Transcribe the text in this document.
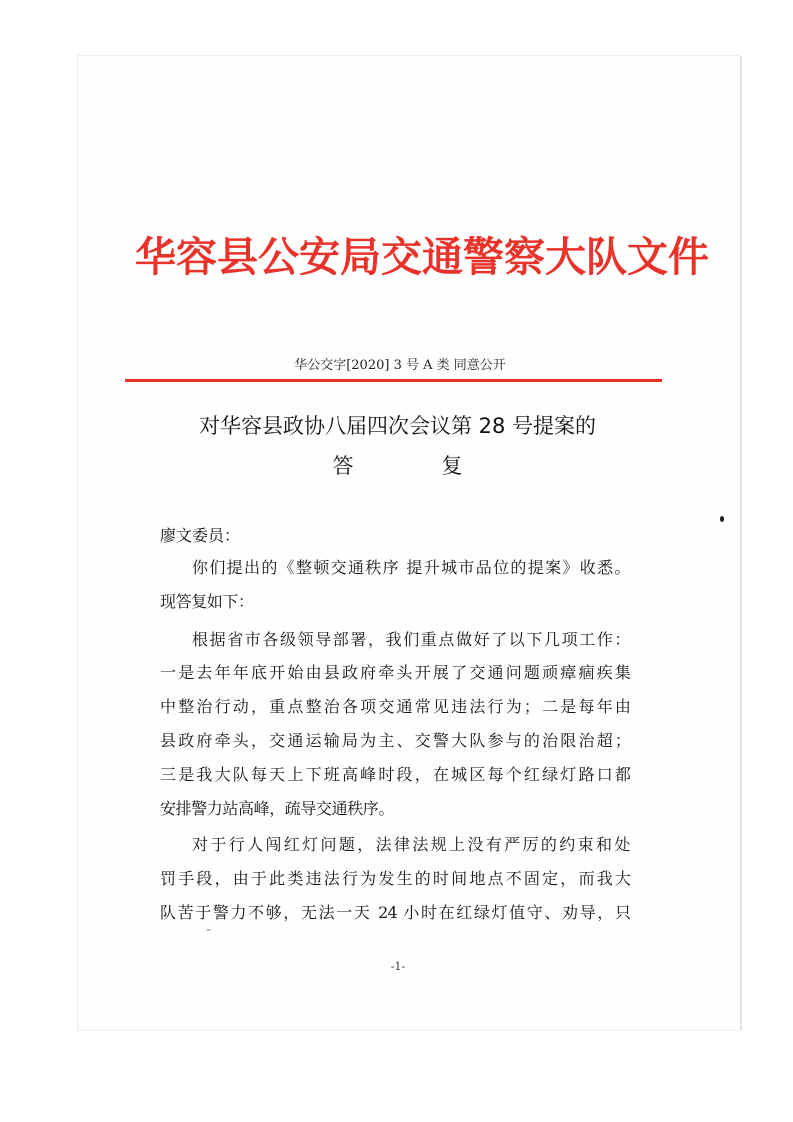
华容县公安局交通警察大队文件
华公交字[2020] 3 号 A 类 同意公开
对华容县政协八届四次会议第 28 号提案的
答	复
廖文委员：
你们提出的《整顿交通秩序 提升城市品位的提案》收悉。
现答复如下：
根据省市各级领导部署，我们重点做好了以下几项工作：
一是去年年底开始由县政府牵头开展了交通问题顽瘴痼疾集
中整治行动，重点整治各项交通常见违法行为；二是每年由
县政府牵头，交通运输局为主、交警大队参与的治限治超；
三是我大队每天上下班高峰时段，在城区每个红绿灯路口都
安排警力站高峰，疏导交通秩序。
对于行人闯红灯问题，法律法规上没有严厉的约束和处
罚手段，由于此类违法行为发生的时间地点不固定，而我大
队苦于警力不够，无法一天 24 小时在红绿灯值守、劝导，只
-1-
